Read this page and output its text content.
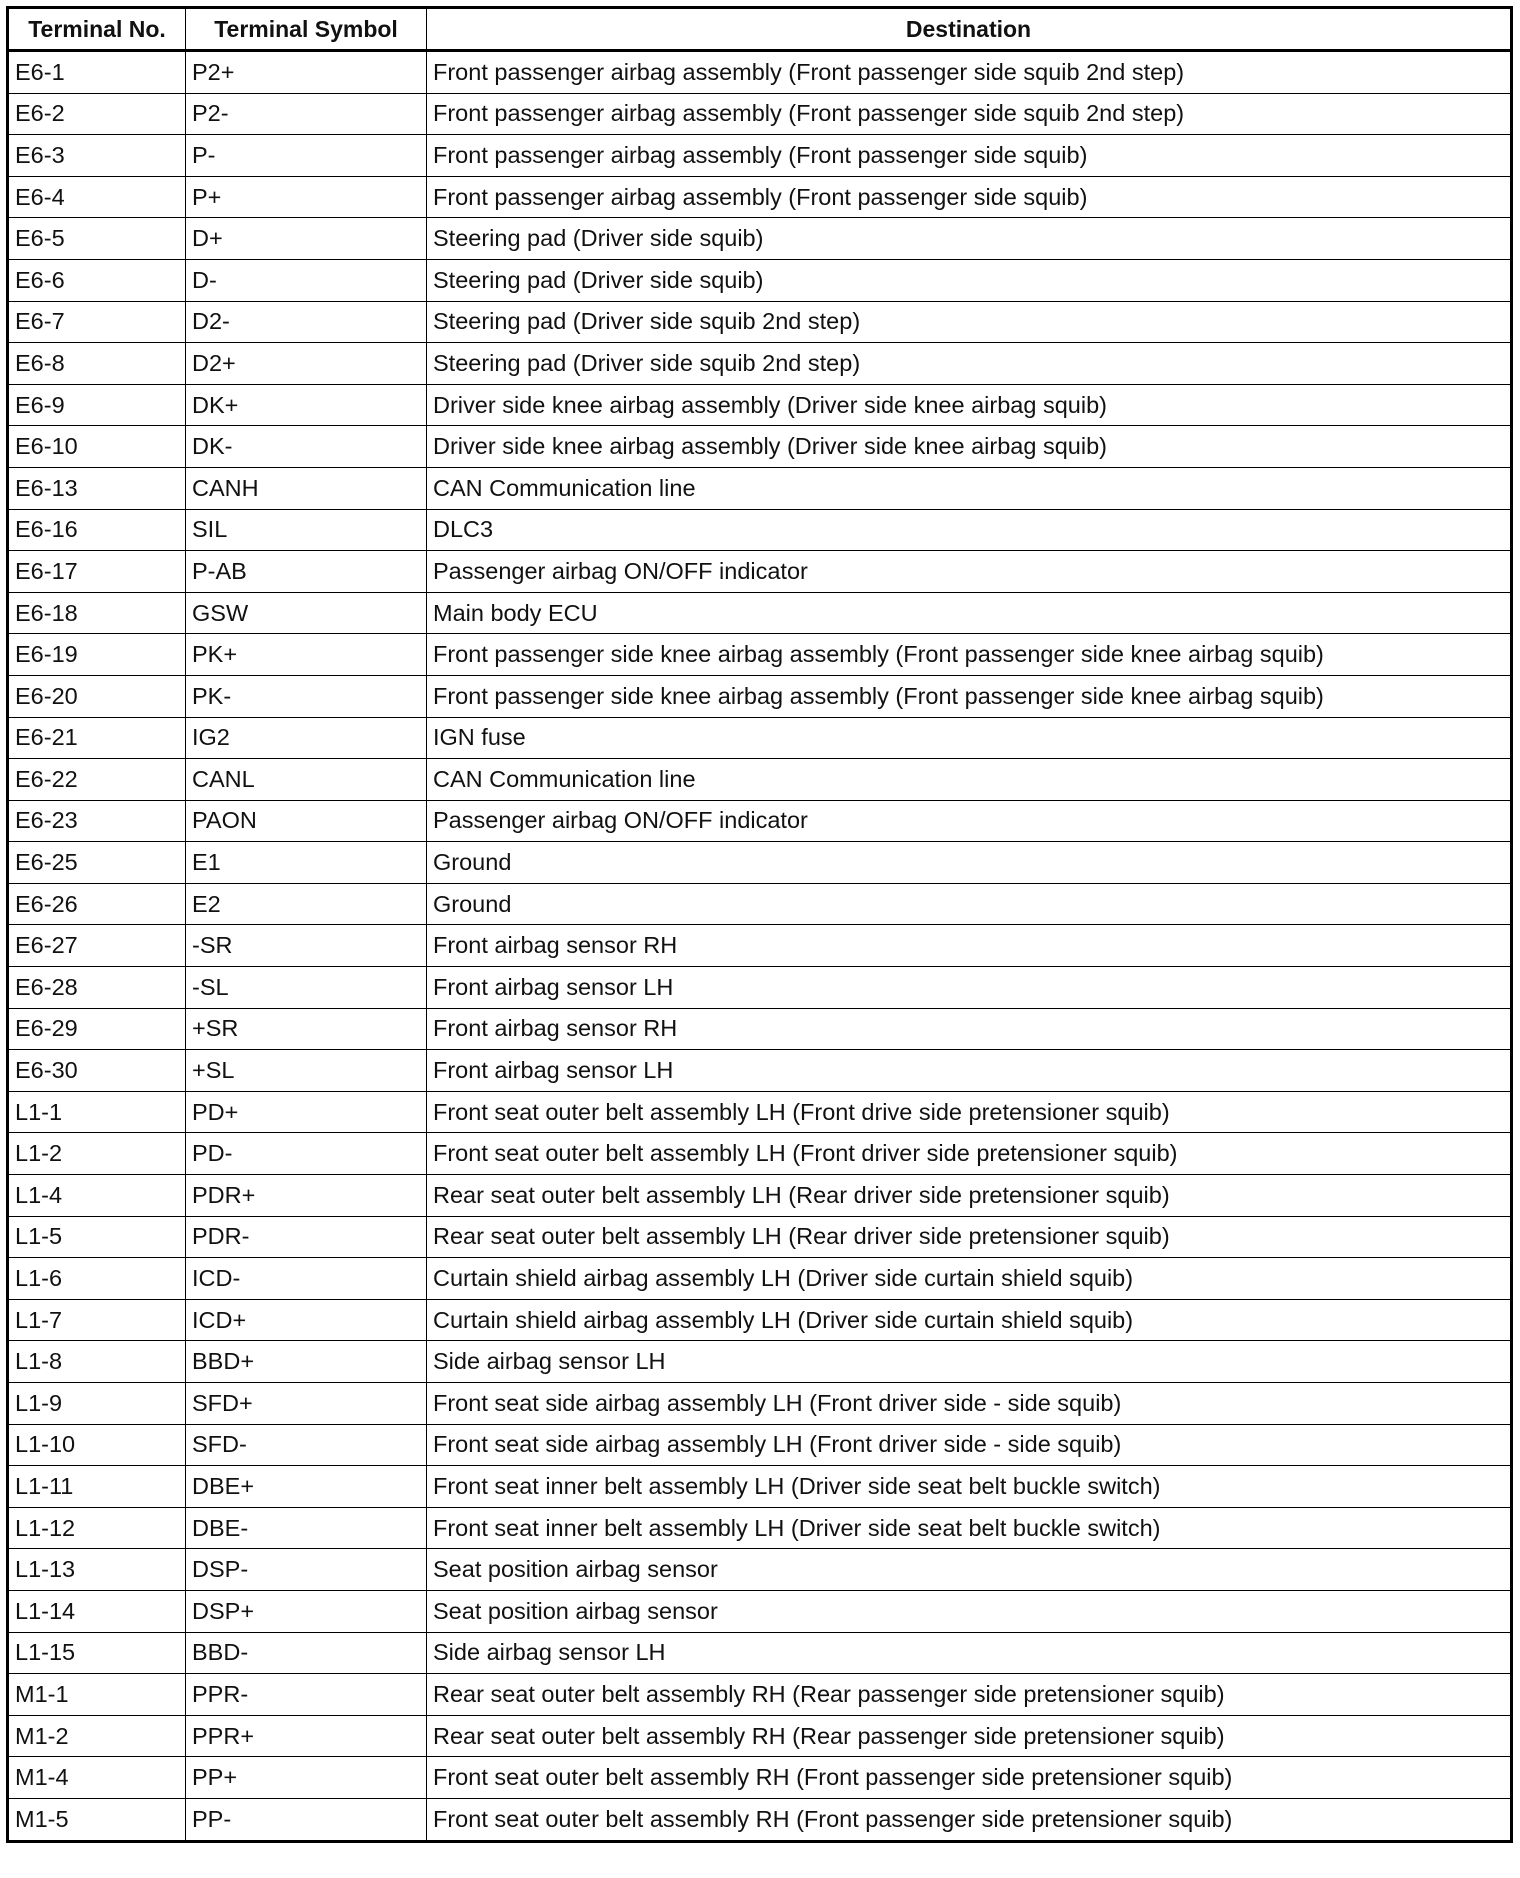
Terminal No.	Terminal Symbol	Destination
E6-1	P2+	Front passenger airbag assembly (Front passenger side squib 2nd step)
E6-2	P2-	Front passenger airbag assembly (Front passenger side squib 2nd step)
E6-3	P-	Front passenger airbag assembly (Front passenger side squib)
E6-4	P+	Front passenger airbag assembly (Front passenger side squib)
E6-5	D+	Steering pad (Driver side squib)
E6-6	D-	Steering pad (Driver side squib)
E6-7	D2-	Steering pad (Driver side squib 2nd step)
E6-8	D2+	Steering pad (Driver side squib 2nd step)
E6-9	DK+	Driver side knee airbag assembly (Driver side knee airbag squib)
E6-10	DK-	Driver side knee airbag assembly (Driver side knee airbag squib)
E6-13	CANH	CAN Communication line
E6-16	SIL	DLC3
E6-17	P-AB	Passenger airbag ON/OFF indicator
E6-18	GSW	Main body ECU
E6-19	PK+	Front passenger side knee airbag assembly (Front passenger side knee airbag squib)
E6-20	PK-	Front passenger side knee airbag assembly (Front passenger side knee airbag squib)
E6-21	IG2	IGN fuse
E6-22	CANL	CAN Communication line
E6-23	PAON	Passenger airbag ON/OFF indicator
E6-25	E1	Ground
E6-26	E2	Ground
E6-27	-SR	Front airbag sensor RH
E6-28	-SL	Front airbag sensor LH
E6-29	+SR	Front airbag sensor RH
E6-30	+SL	Front airbag sensor LH
L1-1	PD+	Front seat outer belt assembly LH (Front drive side pretensioner squib)
L1-2	PD-	Front seat outer belt assembly LH (Front driver side pretensioner squib)
L1-4	PDR+	Rear seat outer belt assembly LH (Rear driver side pretensioner squib)
L1-5	PDR-	Rear seat outer belt assembly LH (Rear driver side pretensioner squib)
L1-6	ICD-	Curtain shield airbag assembly LH (Driver side curtain shield squib)
L1-7	ICD+	Curtain shield airbag assembly LH (Driver side curtain shield squib)
L1-8	BBD+	Side airbag sensor LH
L1-9	SFD+	Front seat side airbag assembly LH (Front driver side - side squib)
L1-10	SFD-	Front seat side airbag assembly LH (Front driver side - side squib)
L1-11	DBE+	Front seat inner belt assembly LH (Driver side seat belt buckle switch)
L1-12	DBE-	Front seat inner belt assembly LH (Driver side seat belt buckle switch)
L1-13	DSP-	Seat position airbag sensor
L1-14	DSP+	Seat position airbag sensor
L1-15	BBD-	Side airbag sensor LH
M1-1	PPR-	Rear seat outer belt assembly RH (Rear passenger side pretensioner squib)
M1-2	PPR+	Rear seat outer belt assembly RH (Rear passenger side pretensioner squib)
M1-4	PP+	Front seat outer belt assembly RH (Front passenger side pretensioner squib)
M1-5	PP-	Front seat outer belt assembly RH (Front passenger side pretensioner squib)
